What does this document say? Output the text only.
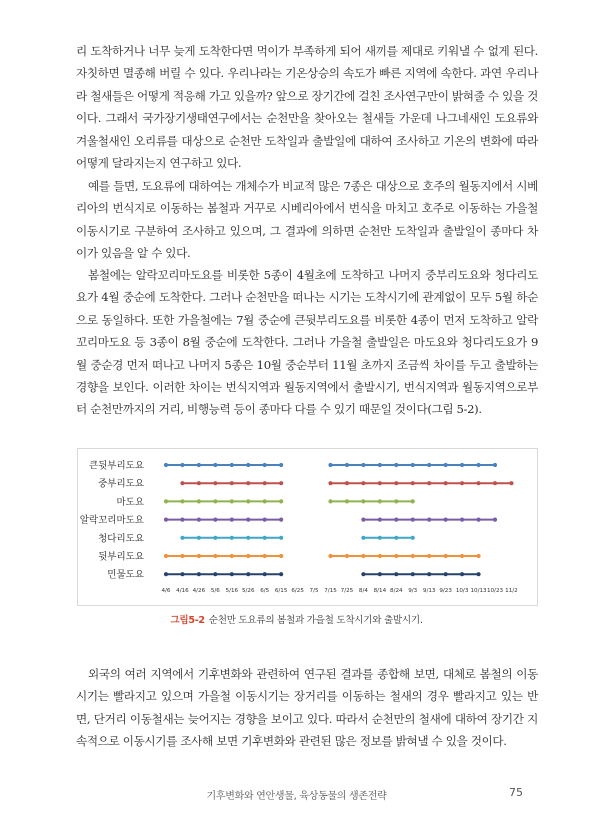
리 도착하거나 너무 늦게 도착한다면 먹이가 부족하게 되어 새끼를 제대로 키워낼 수 없게 된다. 자칫하면 멸종해 버릴 수 있다. 우리나라는 기온상승의 속도가 빠른 지역에 속한다. 과연 우리나라 철새들은 어떻게 적응해 가고 있을까? 앞으로 장기간에 걸친 조사연구만이 밝혀줄 수 있을 것이다. 그래서 국가장기생태연구에서는 순천만을 찾아오는 철새들 가운데 나그네새인 도요류와 겨울철새인 오리류를 대상으로 순천만 도착일과 출발일에 대하여 조사하고 기온의 변화에 따라 어떻게 달라지는지 연구하고 있다.

예를 들면, 도요류에 대하여는 개체수가 비교적 많은 7종은 대상으로 호주의 월동지에서 시베리아의 번식지로 이동하는 봄철과 거꾸로 시베리아에서 번식을 마치고 호주로 이동하는 가을철 이동시기로 구분하여 조사하고 있으며, 그 결과에 의하면 순천만 도착일과 출발일이 종마다 차이가 있음을 알 수 있다.

봄철에는 알락꼬리마도요를 비롯한 5종이 4월초에 도착하고 나머지 중부리도요와 청다리도요가 4월 중순에 도착한다. 그러나 순천만을 떠나는 시기는 도착시기에 관계없이 모두 5월 하순으로 동일하다. 또한 가을철에는 7월 중순에 큰뒷부리도요를 비롯한 4종이 먼저 도착하고 알락꼬리마도요 등 3종이 8월 중순에 도착한다. 그러나 가을철 출발일은 마도요와 청다리도요가 9월 중순경 먼저 떠나고 나머지 5종은 10월 중순부터 11월 초까지 조금씩 차이를 두고 출발하는 경향을 보인다. 이러한 차이는 번식지역과 월동지역에서 출발시기, 번식지역과 월동지역으로부터 순천만까지의 거리, 비행능력 등이 종마다 다를 수 있기 때문일 것이다(그림 5-2).

큰뒷부리도요
중부리도요
마도요
알락꼬리마도요
청다리도요
뒷부리도요
민물도요
4/6 4/16 4/26 5/6 5/16 5/26 6/5 6/15 6/25 7/5 7/15 7/25 8/4 8/14 8/24 9/3 9/13 9/23 10/3 10/13 10/23 11/2
그림5-2 순천만 도요류의 봄철과 가을철 도착시기와 출발시기.

외국의 여러 지역에서 기후변화와 관련하여 연구된 결과를 종합해 보면, 대체로 봄철의 이동시기는 빨라지고 있으며 가을철 이동시기는 장거리를 이동하는 철새의 경우 빨라지고 있는 반면, 단거리 이동철새는 늦어지는 경향을 보이고 있다. 따라서 순천만의 철새에 대하여 장기간 지속적으로 이동시기를 조사해 보면 기후변화와 관련된 많은 정보를 밝혀낼 수 있을 것이다.

기후변화와 연안생물, 육상동물의 생존전략	75
